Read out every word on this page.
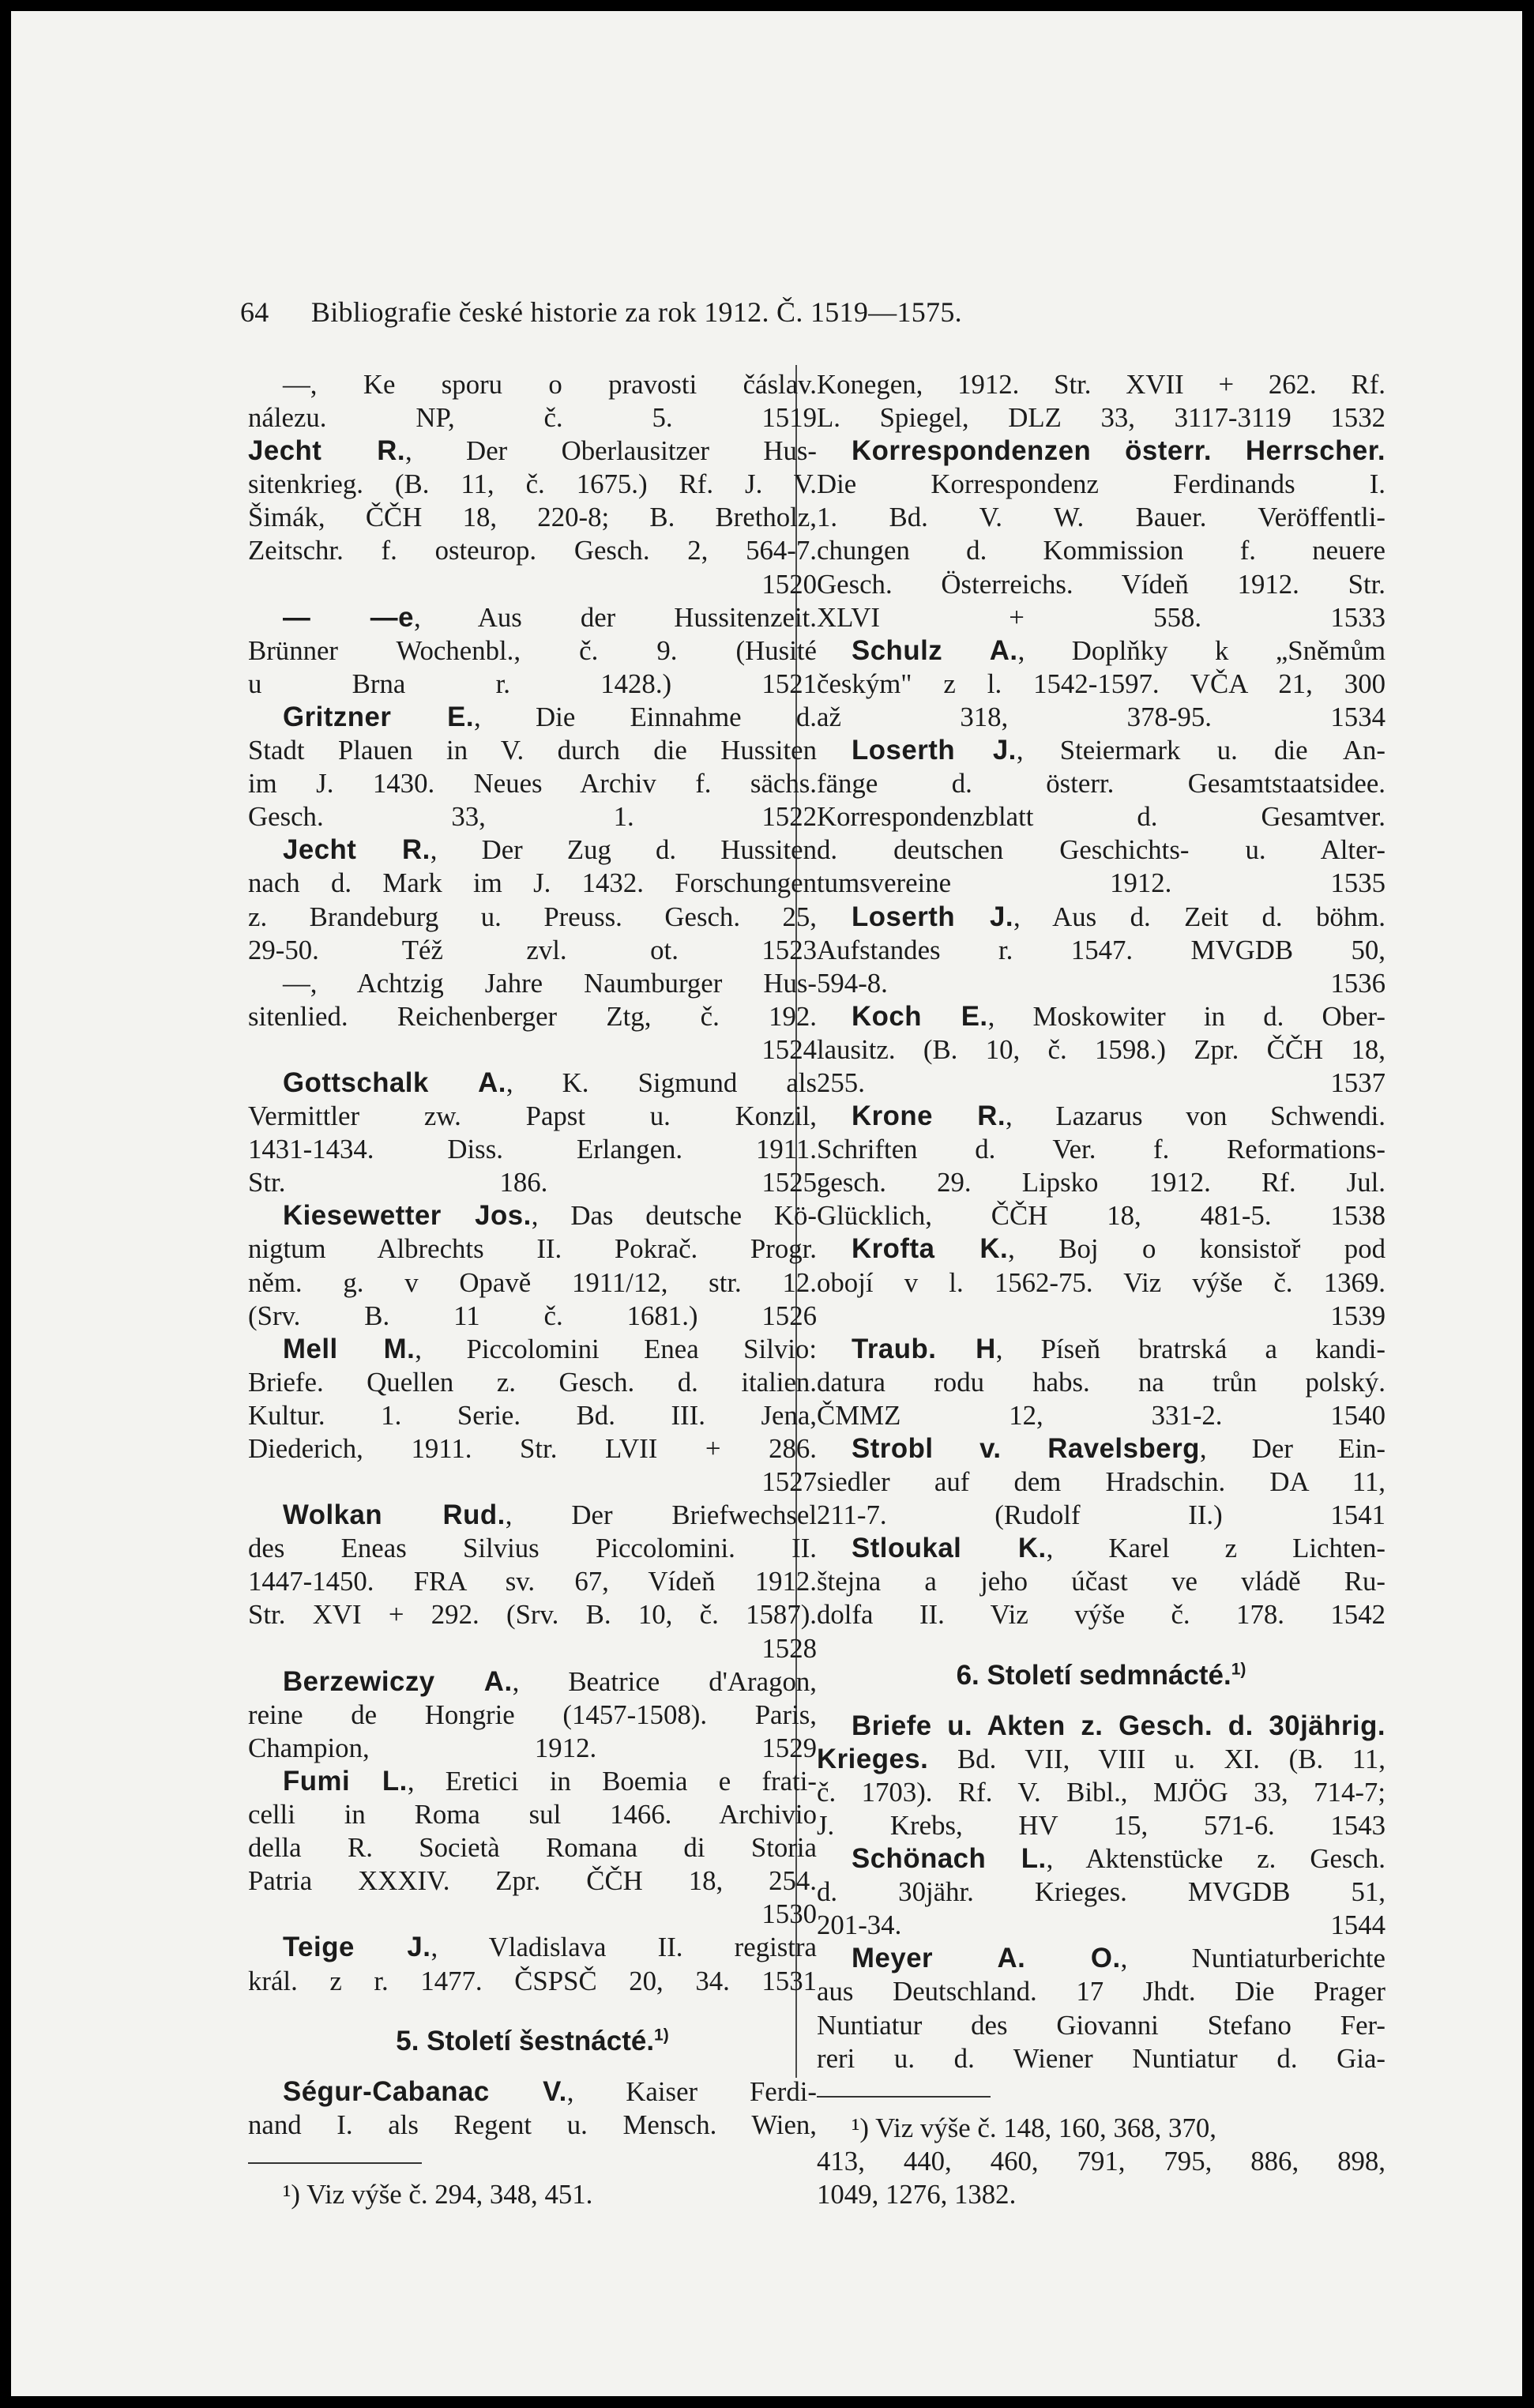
64 Bibliografie české historie za rok 1912. Č. 1519—1575.
—, Ke sporu o pravosti čáslav.
nálezu. NP, č. 5. 1519
Jecht R., Der Oberlausitzer Hus-
sitenkrieg. (B. 11, č. 1675.) Rf. J. V.
Šimák, ČČH 18, 220-8; B. Bretholz,
Zeitschr. f. osteurop. Gesch. 2, 564-7.
1520
— —e, Aus der Hussitenzeit.
Brünner Wochenbl., č. 9. (Husité
u Brna r. 1428.) 1521
Gritzner E., Die Einnahme d.
Stadt Plauen in V. durch die Hussiten
im J. 1430. Neues Archiv f. sächs.
Gesch. 33, 1. 1522
Jecht R., Der Zug d. Hussiten
nach d. Mark im J. 1432. Forschungen
z. Brandeburg u. Preuss. Gesch. 25,
29-50. Též zvl. ot. 1523
—, Achtzig Jahre Naumburger Hus-
sitenlied. Reichenberger Ztg, č. 192.
1524
Gottschalk A., K. Sigmund als
Vermittler zw. Papst u. Konzil,
1431-1434. Diss. Erlangen. 1911.
Str. 186. 1525
Kiesewetter Jos., Das deutsche Kö-
nigtum Albrechts II. Pokrač. Progr.
něm. g. v Opavě 1911/12, str. 12.
(Srv. B. 11 č. 1681.) 1526
Mell M., Piccolomini Enea Silvio:
Briefe. Quellen z. Gesch. d. italien.
Kultur. 1. Serie. Bd. III. Jena,
Diederich, 1911. Str. LVII + 286.
1527
Wolkan Rud., Der Briefwechsel
des Eneas Silvius Piccolomini. II.
1447-1450. FRA sv. 67, Vídeň 1912.
Str. XVI + 292. (Srv. B. 10, č. 1587).
1528
Berzewiczy A., Beatrice d'Aragon,
reine de Hongrie (1457-1508). Paris,
Champion, 1912. 1529
Fumi L., Eretici in Boemia e frati-
celli in Roma sul 1466. Archivio
della R. Società Romana di Storia
Patria XXXIV. Zpr. ČČH 18, 254.
1530
Teige J., Vladislava II. registra
král. z r. 1477. ČSPSČ 20, 34. 1531
5. Století šestnácté.$^{1)}$
Ségur-Cabanac V., Kaiser Ferdi-
nand I. als Regent u. Mensch. Wien,
¹) Viz výše č. 294, 348, 451.
Konegen, 1912. Str. XVII + 262. Rf.
L. Spiegel, DLZ 33, 3117-3119 1532
Korrespondenzen österr. Herrscher.
Die Korrespondenz Ferdinands I.
1. Bd. V. W. Bauer. Veröffentli-
chungen d. Kommission f. neuere
Gesch. Österreichs. Vídeň 1912. Str.
XLVI + 558. 1533
Schulz A., Doplňky k „Sněmům
českým" z l. 1542-1597. VČA 21, 300
až 318, 378-95. 1534
Loserth J., Steiermark u. die An-
fänge d. österr. Gesamtstaatsidee.
Korrespondenzblatt d. Gesamtver.
d. deutschen Geschichts- u. Alter-
tumsvereine 1912. 1535
Loserth J., Aus d. Zeit d. böhm.
Aufstandes r. 1547. MVGDB 50,
594-8. 1536
Koch E., Moskowiter in d. Ober-
lausitz. (B. 10, č. 1598.) Zpr. ČČH 18,
255. 1537
Krone R., Lazarus von Schwendi.
Schriften d. Ver. f. Reformations-
gesch. 29. Lipsko 1912. Rf. Jul.
Glücklich, ČČH 18, 481-5. 1538
Krofta K., Boj o konsistoř pod
obojí v l. 1562-75. Viz výše č. 1369.
1539
Traub. H, Píseň bratrská a kandi-
datura rodu habs. na trůn polský.
ČMMZ 12, 331-2. 1540
Strobl v. Ravelsberg, Der Ein-
siedler auf dem Hradschin. DA 11,
211-7. (Rudolf II.) 1541
Stloukal K., Karel z Lichten-
štejna a jeho účast ve vládě Ru-
dolfa II. Viz výše č. 178. 1542
6. Století sedmnácté.$^{1)}$
Briefe u. Akten z. Gesch. d. 30jährig.
Krieges. Bd. VII, VIII u. XI. (B. 11,
č. 1703). Rf. V. Bibl., MJÖG 33, 714-7;
J. Krebs, HV 15, 571-6. 1543
Schönach L., Aktenstücke z. Gesch.
d. 30jähr. Krieges. MVGDB 51,
201-34. 1544
Meyer A. O., Nuntiaturberichte
aus Deutschland. 17 Jhdt. Die Prager
Nuntiatur des Giovanni Stefano Fer-
reri u. d. Wiener Nuntiatur d. Gia-
¹) Viz výše č. 148, 160, 368, 370,
413, 440, 460, 791, 795, 886, 898,
1049, 1276, 1382.
